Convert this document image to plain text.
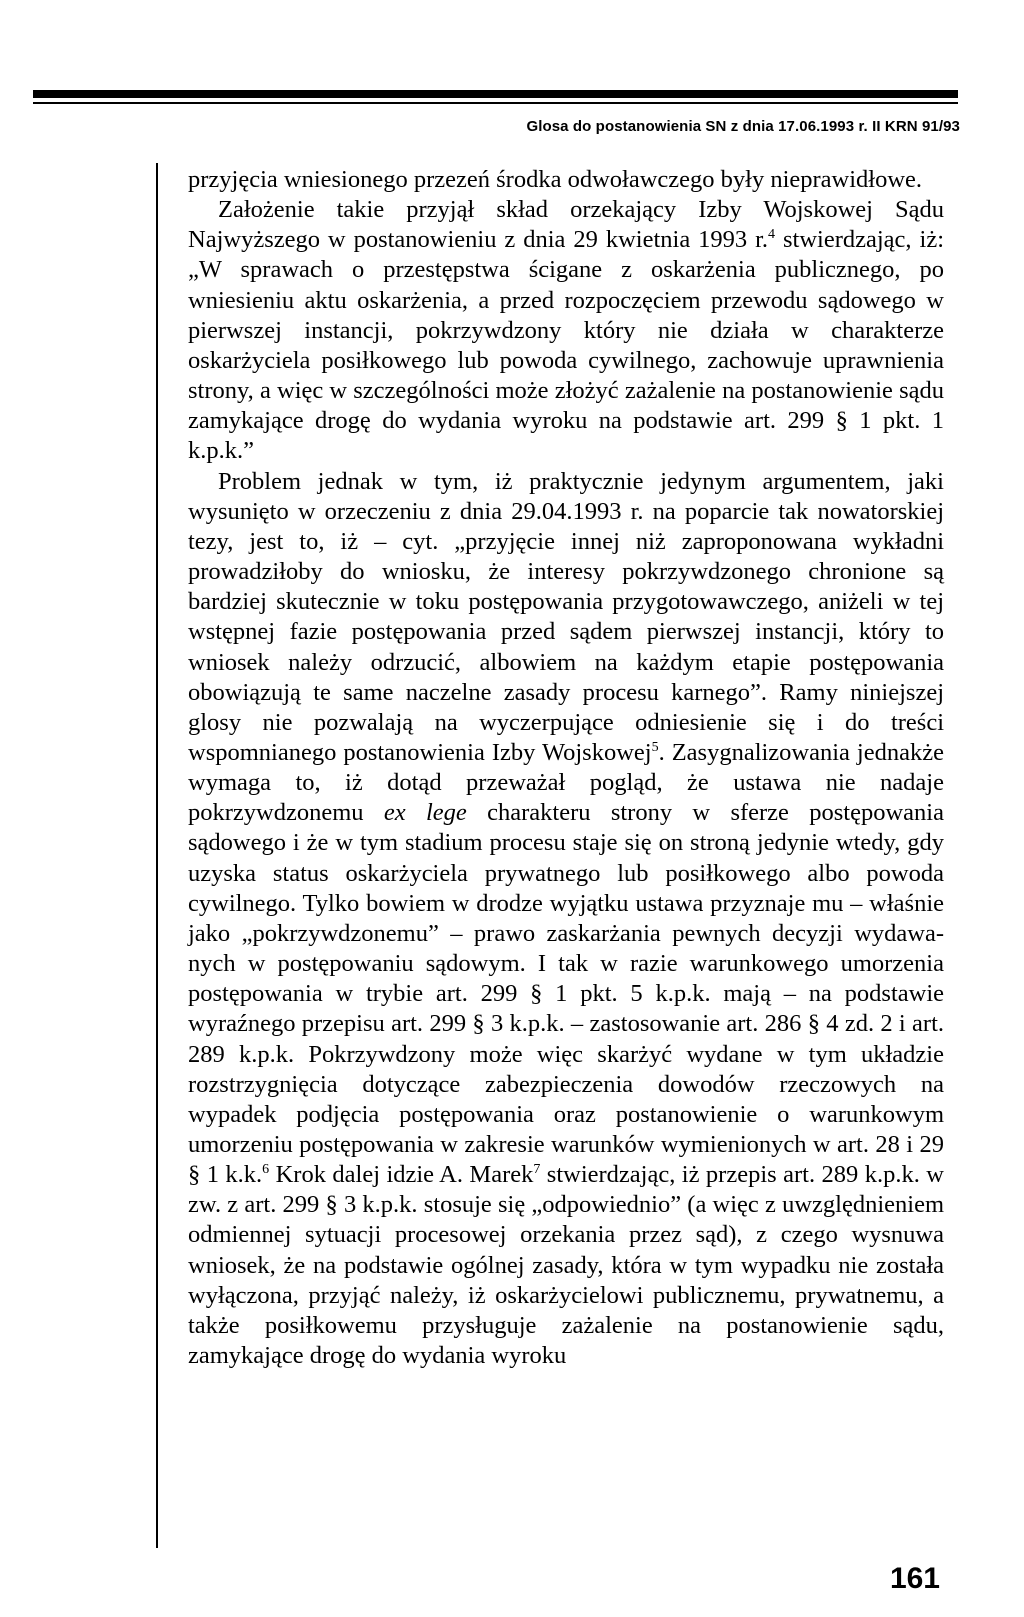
Glosa do postanowienia SN z dnia 17.06.1993 r. II KRN 91/93

przyjęcia wniesionego przezeń środka odwoławczego były nieprawidłowe.

Założenie takie przyjął skład orzekający Izby Wojskowej Sądu Najwyższego w postanowieniu z dnia 29 kwietnia 1993 r.$^4$ stwierdzając, iż: „W sprawach o przestępstwa ścigane z oskarżenia publicznego, po wniesieniu aktu oskarżenia, a przed rozpoczęciem przewodu sądowego w pierwszej instancji, pokrzywdzony który nie działa w charakterze oskarżyciela posiłkowego lub powoda cywilnego, zachowuje uprawnienia strony, a więc w szczególności może złożyć zażalenie na postanowienie sądu zamykające drogę do wydania wyroku na podstawie art. 299 § 1 pkt. 1 k.p.k.”

Problem jednak w tym, iż praktycznie jedynym argumentem, jaki wysunięto w orzeczeniu z dnia 29.04.1993 r. na poparcie tak nowatorskiej tezy, jest to, iż – cyt. „przyjęcie innej niż zaproponowana wykładni prowadziłoby do wniosku, że interesy pokrzywdzonego chronione są bardziej skutecznie w toku postępowania przygotowawczego, aniżeli w tej wstępnej fazie postępowania przed sądem pierwszej instancji, który to wniosek należy odrzucić, albowiem na każdym etapie postępowania obowiązują te same naczelne zasady procesu karnego”. Ramy niniejszej glosy nie pozwalają na wyczerpujące odniesienie się i do treści wspomnianego postanowienia Izby Wojskowej$^5$. Zasygnalizowania jednakże wymaga to, iż dotąd przeważał pogląd, że ustawa nie nadaje pokrzywdzonemu ex lege charakteru strony w sferze postępowania sądowego i że w tym stadium procesu staje się on stroną jedynie wtedy, gdy uzyska status oskarżyciela prywatnego lub posiłkowego albo powoda cywilnego. Tylko bowiem w drodze wyjątku ustawa przyznaje mu – właśnie jako „pokrzywdzonemu” – prawo zaskarżania pewnych decyzji wydawanych w postępowaniu sądowym. I tak w razie warunkowego umorzenia postępowania w trybie art. 299 § 1 pkt. 5 k.p.k. mają – na podstawie wyraźnego przepisu art. 299 § 3 k.p.k. – zastosowanie art. 286 § 4 zd. 2 i art. 289 k.p.k. Pokrzywdzony może więc skarżyć wydane w tym układzie rozstrzygnięcia dotyczące zabezpieczenia dowodów rzeczowych na wypadek podjęcia postępowania oraz postanowienie o warunkowym umorzeniu postępowania w zakresie warunków wymienionych w art. 28 i 29 § 1 k.k.$^6$ Krok dalej idzie A. Marek$^7$ stwierdzając, iż przepis art. 289 k.p.k. w zw. z art. 299 § 3 k.p.k. stosuje się „odpowiednio” (a więc z uwzględnieniem odmiennej sytuacji procesowej orzekania przez sąd), z czego wysnuwa wniosek, że na podstawie ogólnej zasady, która w tym wypadku nie została wyłączona, przyjąć należy, iż oskarżycielowi publicznemu, prywatnemu, a także posiłkowemu przysługuje zażalenie na postanowienie sądu, zamykające drogę do wydania wyroku

161
